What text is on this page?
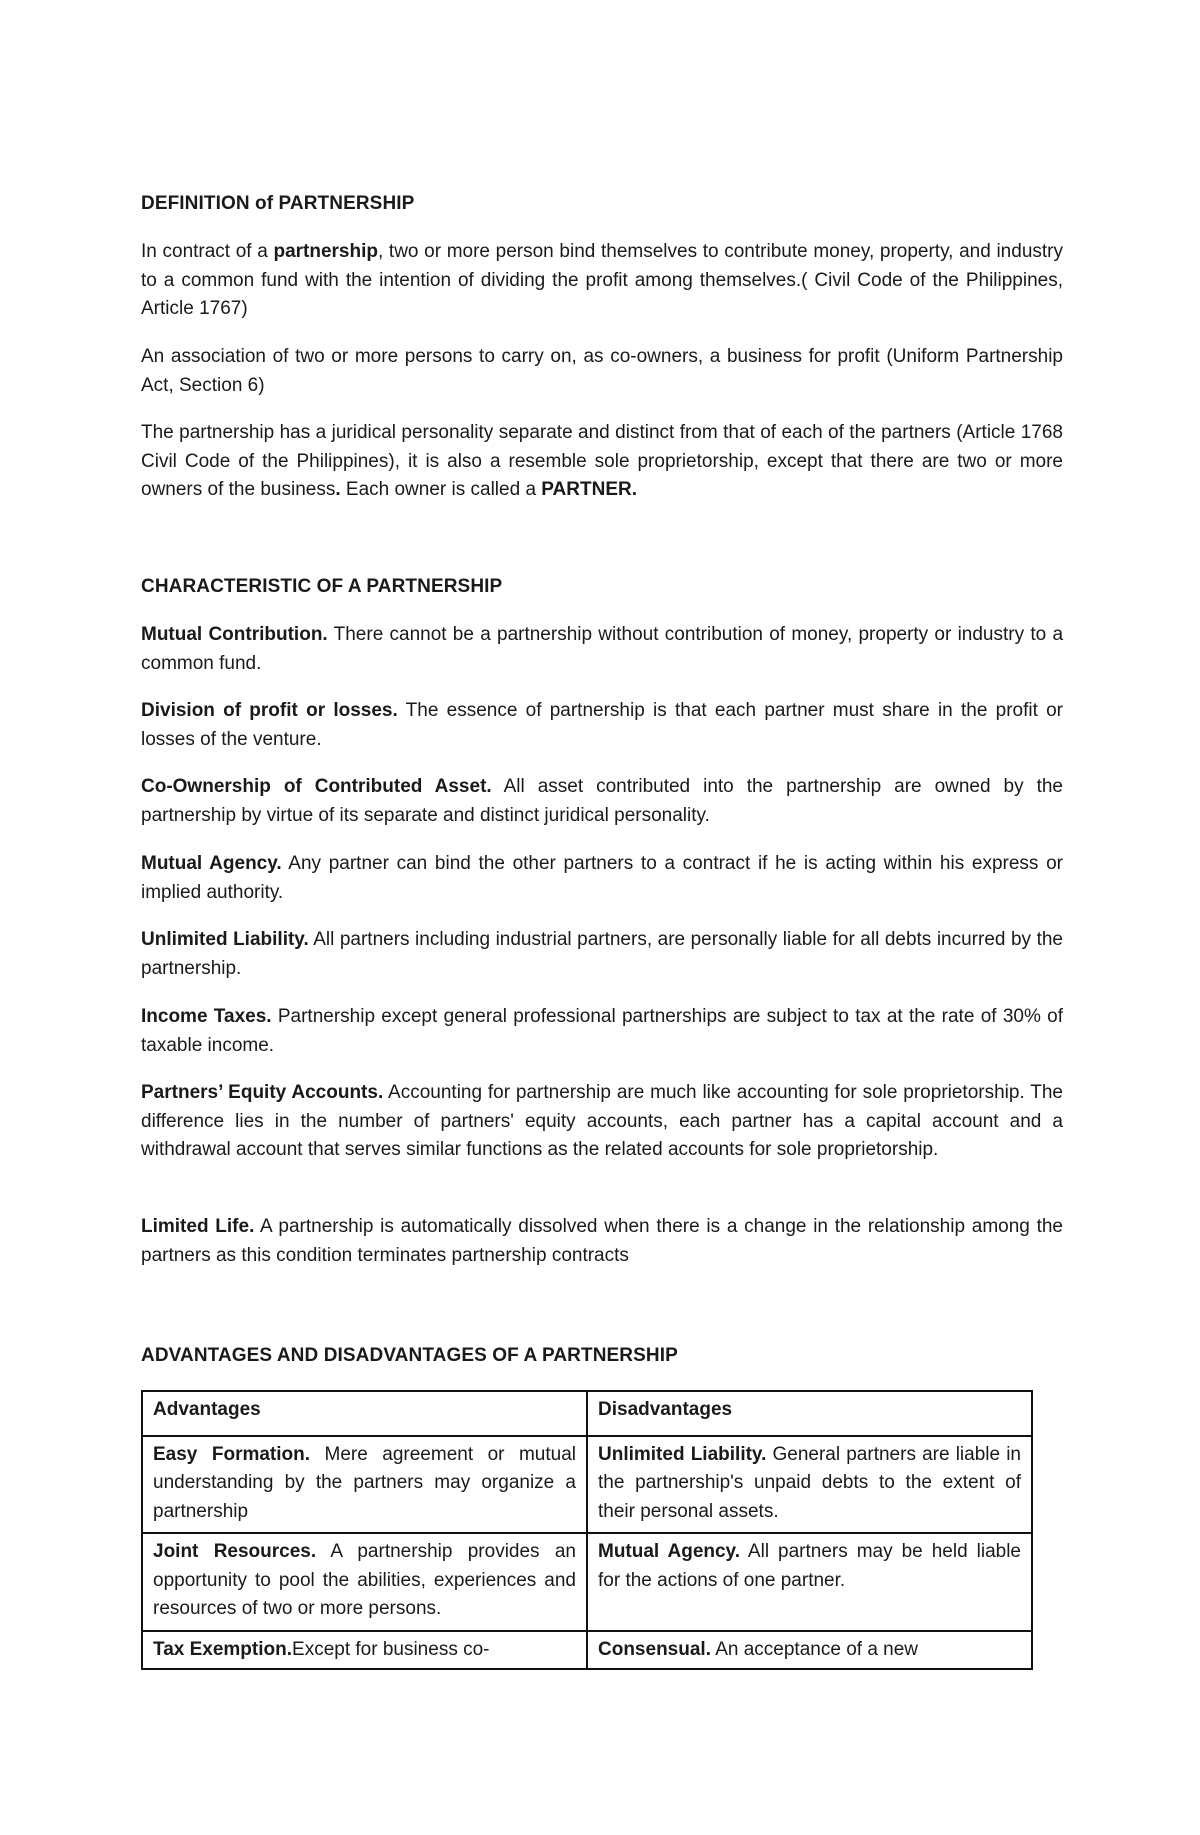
DEFINITION of PARTNERSHIP

In contract of a partnership, two or more person bind themselves to contribute money, property, and industry to a common fund with the intention of dividing the profit among themselves.( Civil Code of the Philippines, Article 1767)

An association of two or more persons to carry on, as co-owners, a business for profit (Uniform Partnership Act, Section 6)

The partnership has a juridical personality separate and distinct from that of each of the partners (Article 1768 Civil Code of the Philippines), it is also a resemble sole proprietorship, except that there are two or more owners of the business. Each owner is called a PARTNER.

CHARACTERISTIC OF A PARTNERSHIP

Mutual Contribution. There cannot be a partnership without contribution of money, property or industry to a common fund.

Division of profit or losses. The essence of partnership is that each partner must share in the profit or losses of the venture.

Co-Ownership of Contributed Asset. All asset contributed into the partnership are owned by the partnership by virtue of its separate and distinct juridical personality.

Mutual Agency. Any partner can bind the other partners to a contract if he is acting within his express or implied authority.

Unlimited Liability. All partners including industrial partners, are personally liable for all debts incurred by the partnership.

Income Taxes. Partnership except general professional partnerships are subject to tax at the rate of 30% of taxable income.

Partners’ Equity Accounts. Accounting for partnership are much like accounting for sole proprietorship. The difference lies in the number of partners' equity accounts, each partner has a capital account and a withdrawal account that serves similar functions as the related accounts for sole proprietorship.

Limited Life. A partnership is automatically dissolved when there is a change in the relationship among the partners as this condition terminates partnership contracts

ADVANTAGES AND DISADVANTAGES OF A PARTNERSHIP
Advantages	Disadvantages
Easy Formation. Mere agreement or mutual understanding by the partners may organize a partnership	Unlimited Liability. General partners are liable in the partnership's unpaid debts to the extent of their personal assets.
Joint Resources. A partnership provides an opportunity to pool the abilities, experiences and resources of two or more persons.	Mutual Agency. All partners may be held liable for the actions of one partner.

Tax Exemption.Except for business co-	Consensual. An acceptance of a new
